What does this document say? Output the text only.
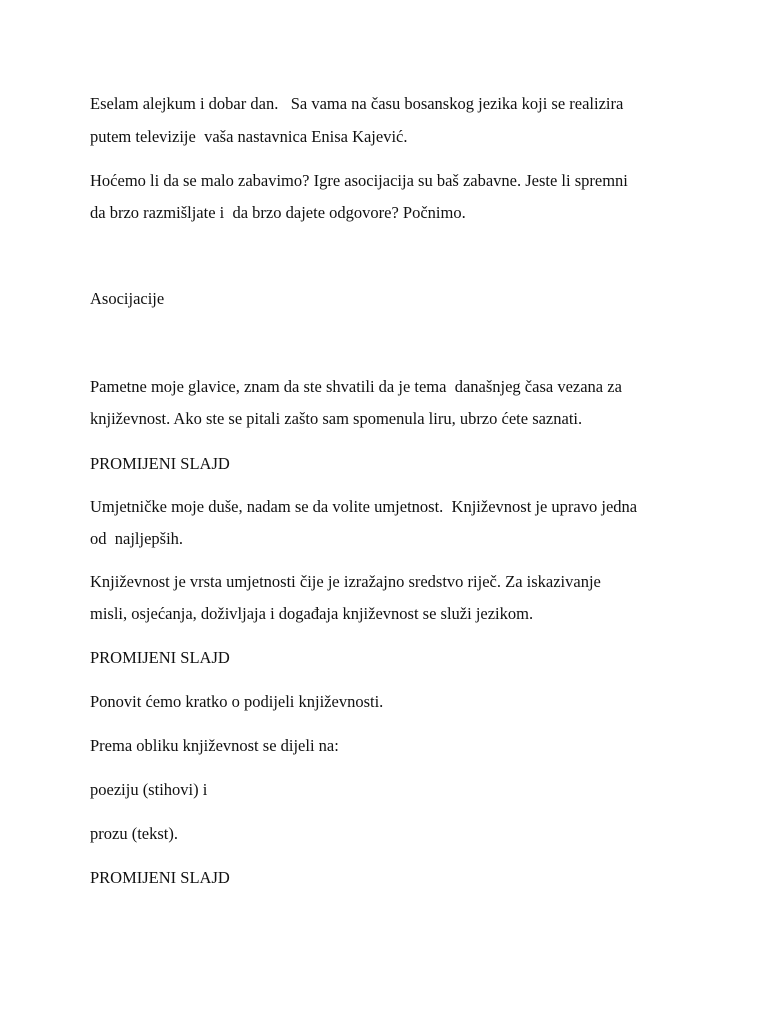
Eselam alejkum i dobar dan.   Sa vama na času bosanskog jezika koji se realizira

putem televizije  vaša nastavnica Enisa Kajević.

Hoćemo li da se malo zabavimo? Igre asocijacija su baš zabavne. Jeste li spremni

da brzo razmišljate i  da brzo dajete odgovore? Počnimo.

Asocijacije

Pametne moje glavice, znam da ste shvatili da je tema  današnjeg časa vezana za

književnost. Ako ste se pitali zašto sam spomenula liru, ubrzo ćete saznati.

PROMIJENI SLAJD

Umjetničke moje duše, nadam se da volite umjetnost.  Književnost je upravo jedna

od  najljepših.

Književnost je vrsta umjetnosti čije je izražajno sredstvo riječ. Za iskazivanje

misli, osjećanja, doživljaja i događaja književnost se služi jezikom.

PROMIJENI SLAJD

Ponovit ćemo kratko o podijeli književnosti.

Prema obliku književnost se dijeli na:

poeziju (stihovi) i

prozu (tekst).

PROMIJENI SLAJD
